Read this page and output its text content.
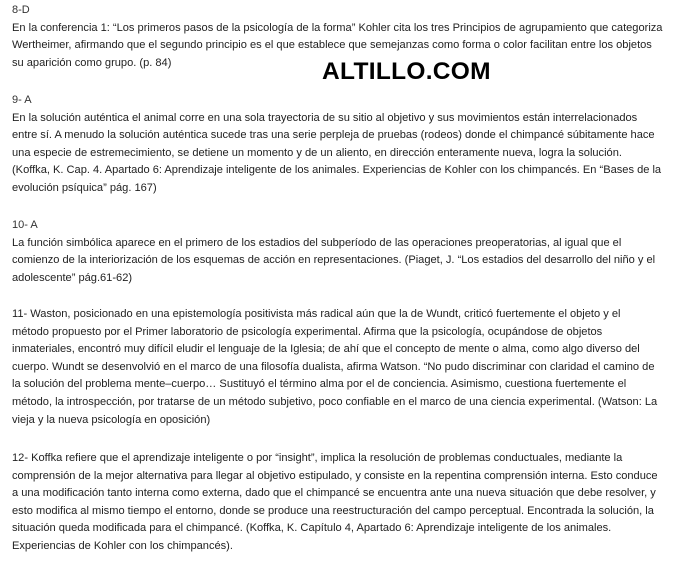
8-D

En la conferencia 1: “Los primeros pasos de la psicología de la forma” Kohler cita los tres Principios de agrupamiento que categoriza
Wertheimer, afirmando que el segundo principio es el que establece que semejanzas como forma o color facilitan entre los objetos
su aparición como grupo. (p. 84)

9- A

En la solución auténtica el animal corre en una sola trayectoria de su sitio al objetivo y sus movimientos están interrelacionados
entre sí. A menudo la solución auténtica sucede tras una serie perpleja de pruebas (rodeos) donde el chimpancé súbitamente hace
una especie de estremecimiento, se detiene un momento y de un aliento, en dirección enteramente nueva, logra la solución.
(Koffka, K. Cap. 4. Apartado 6: Aprendizaje inteligente de los animales. Experiencias de Kohler con los chimpancés. En “Bases de la
evolución psíquica” pág. 167)

10- A

La función simbólica aparece en el primero de los estadios del subperíodo de las operaciones preoperatorias, al igual que el
comienzo de la interiorización de los esquemas de acción en representaciones. (Piaget, J. “Los estadios del desarrollo del niño y el
adolescente” pág.61-62)

11- Waston, posicionado en una epistemología positivista más radical aún que la de Wundt, criticó fuertemente el objeto y el
método propuesto por el Primer laboratorio de psicología experimental. Afirma que la psicología, ocupándose de objetos
inmateriales, encontró muy difícil eludir el lenguaje de la Iglesia; de ahí que el concepto de mente o alma, como algo diverso del
cuerpo. Wundt se desenvolvió en el marco de una filosofía dualista, afirma Watson. “No pudo discriminar con claridad el camino de
la solución del problema mente–cuerpo… Sustituyó el término alma por el de conciencia. Asimismo, cuestiona fuertemente el
método, la introspección, por tratarse de un método subjetivo, poco confiable en el marco de una ciencia experimental. (Watson: La
vieja y la nueva psicología en oposición)

12- Koffka refiere que el aprendizaje inteligente o por “insight”, implica la resolución de problemas conductuales, mediante la
comprensión de la mejor alternativa para llegar al objetivo estipulado, y consiste en la repentina comprensión interna. Esto conduce
a una modificación tanto interna como externa, dado que el chimpancé se encuentra ante una nueva situación que debe resolver, y
esto modifica al mismo tiempo el entorno, donde se produce una reestructuración del campo perceptual. Encontrada la solución, la
situación queda modificada para el chimpancé. (Koffka, K. Capítulo 4, Apartado 6: Aprendizaje inteligente de los animales.
Experiencias de Kohler con los chimpancés).

ALTILLO.COM
